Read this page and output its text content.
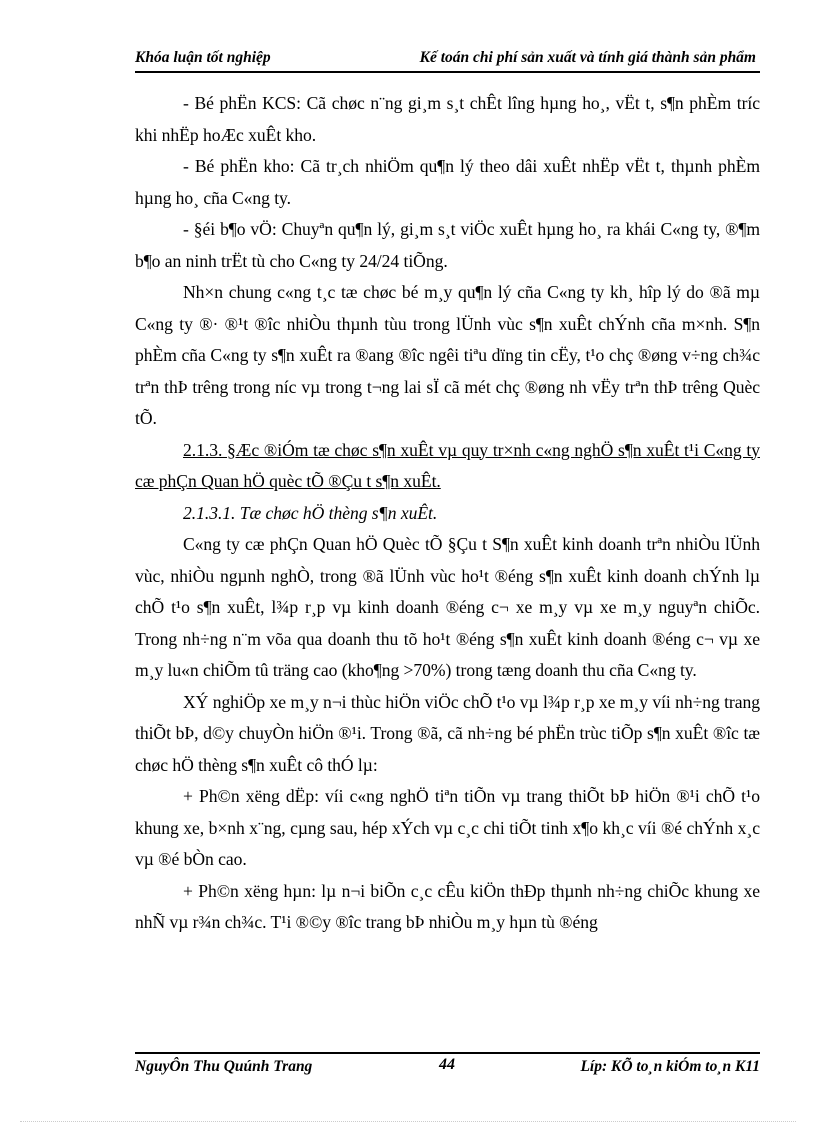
Khóa luận tốt nghiệp	Kế toán chi phí sản xuất và tính giá thành sản phẩm

- Bé phËn KCS: Cã chøc n¨ng gi¸m s¸t chÊt lîng hµng ho¸, vËt t, s¶n phÈm tríc khi nhËp hoÆc xuÊt kho.

- Bé phËn kho: Cã tr¸ch nhiÖm qu¶n lý theo dâi xuÊt nhËp vËt t, thµnh phÈm hµng ho¸ cña C«ng ty.

- §éi b¶o vÖ: Chuyªn qu¶n lý, gi¸m s¸t viÖc xuÊt hµng ho¸ ra khái C«ng ty, ®¶m b¶o an ninh trËt tù cho C«ng ty 24/24 tiÕng.

Nh×n chung c«ng t¸c tæ chøc bé m¸y qu¶n lý cña C«ng ty kh¸ hîp lý do ®ã mµ C«ng ty ®· ®¹t ®îc nhiÒu thµnh tùu trong lÜnh vùc s¶n xuÊt chÝnh cña m×nh. S¶n phÈm cña C«ng ty s¶n xuÊt ra ®ang ®îc ngêi tiªu dïng tin cËy, t¹o chç ®øng v÷ng ch¾c trªn thÞ trêng trong níc vµ trong t¬ng lai sÏ cã mét chç ®øng nh vËy trªn thÞ trêng Quèc tÕ.

2.1.3. §Æc ®iÓm tæ chøc s¶n xuÊt vµ quy tr×nh c«ng nghÖ s¶n xuÊt t¹i C«ng ty cæ phÇn Quan hÖ quèc tÕ ®Çu t s¶n xuÊt.

2.1.3.1. Tæ chøc hÖ thèng s¶n xuÊt.

C«ng ty cæ phÇn Quan hÖ Quèc tÕ §Çu t S¶n xuÊt kinh doanh trªn nhiÒu lÜnh vùc, nhiÒu ngµnh nghÒ, trong ®ã lÜnh vùc ho¹t ®éng s¶n xuÊt kinh doanh chÝnh lµ chÕ t¹o s¶n xuÊt, l¾p r¸p vµ kinh doanh ®éng c¬ xe m¸y vµ xe m¸y nguyªn chiÕc. Trong nh÷ng n¨m võa qua doanh thu tõ ho¹t ®éng s¶n xuÊt kinh doanh ®éng c¬ vµ xe m¸y lu«n chiÕm tû träng cao (kho¶ng >70%) trong tæng doanh thu cña C«ng ty.

XÝ nghiÖp xe m¸y n¬i thùc hiÖn viÖc chÕ t¹o vµ l¾p r¸p xe m¸y víi nh÷ng trang thiÕt bÞ, d©y chuyÒn hiÖn ®¹i. Trong ®ã, cã nh÷ng bé phËn trùc tiÕp s¶n xuÊt ®îc tæ chøc hÖ thèng s¶n xuÊt cô thÓ lµ:

+ Ph©n xëng dËp: víi c«ng nghÖ tiªn tiÕn vµ trang thiÕt bÞ hiÖn ®¹i chÕ t¹o khung xe, b×nh x¨ng, cµng sau, hép xÝch vµ c¸c chi tiÕt tinh x¶o kh¸c víi ®é chÝnh x¸c vµ ®é bÒn cao.

+ Ph©n xëng hµn: lµ n¬i biÕn c¸c cÊu kiÖn thÐp thµnh nh÷ng chiÕc khung xe nhÑ vµ r¾n ch¾c. T¹i ®©y ®îc trang bÞ nhiÒu m¸y hµn tù ®éng

NguyÔn Thu Quúnh Trang	44	Líp: KÕ to¸n kiÓm to¸n K11
